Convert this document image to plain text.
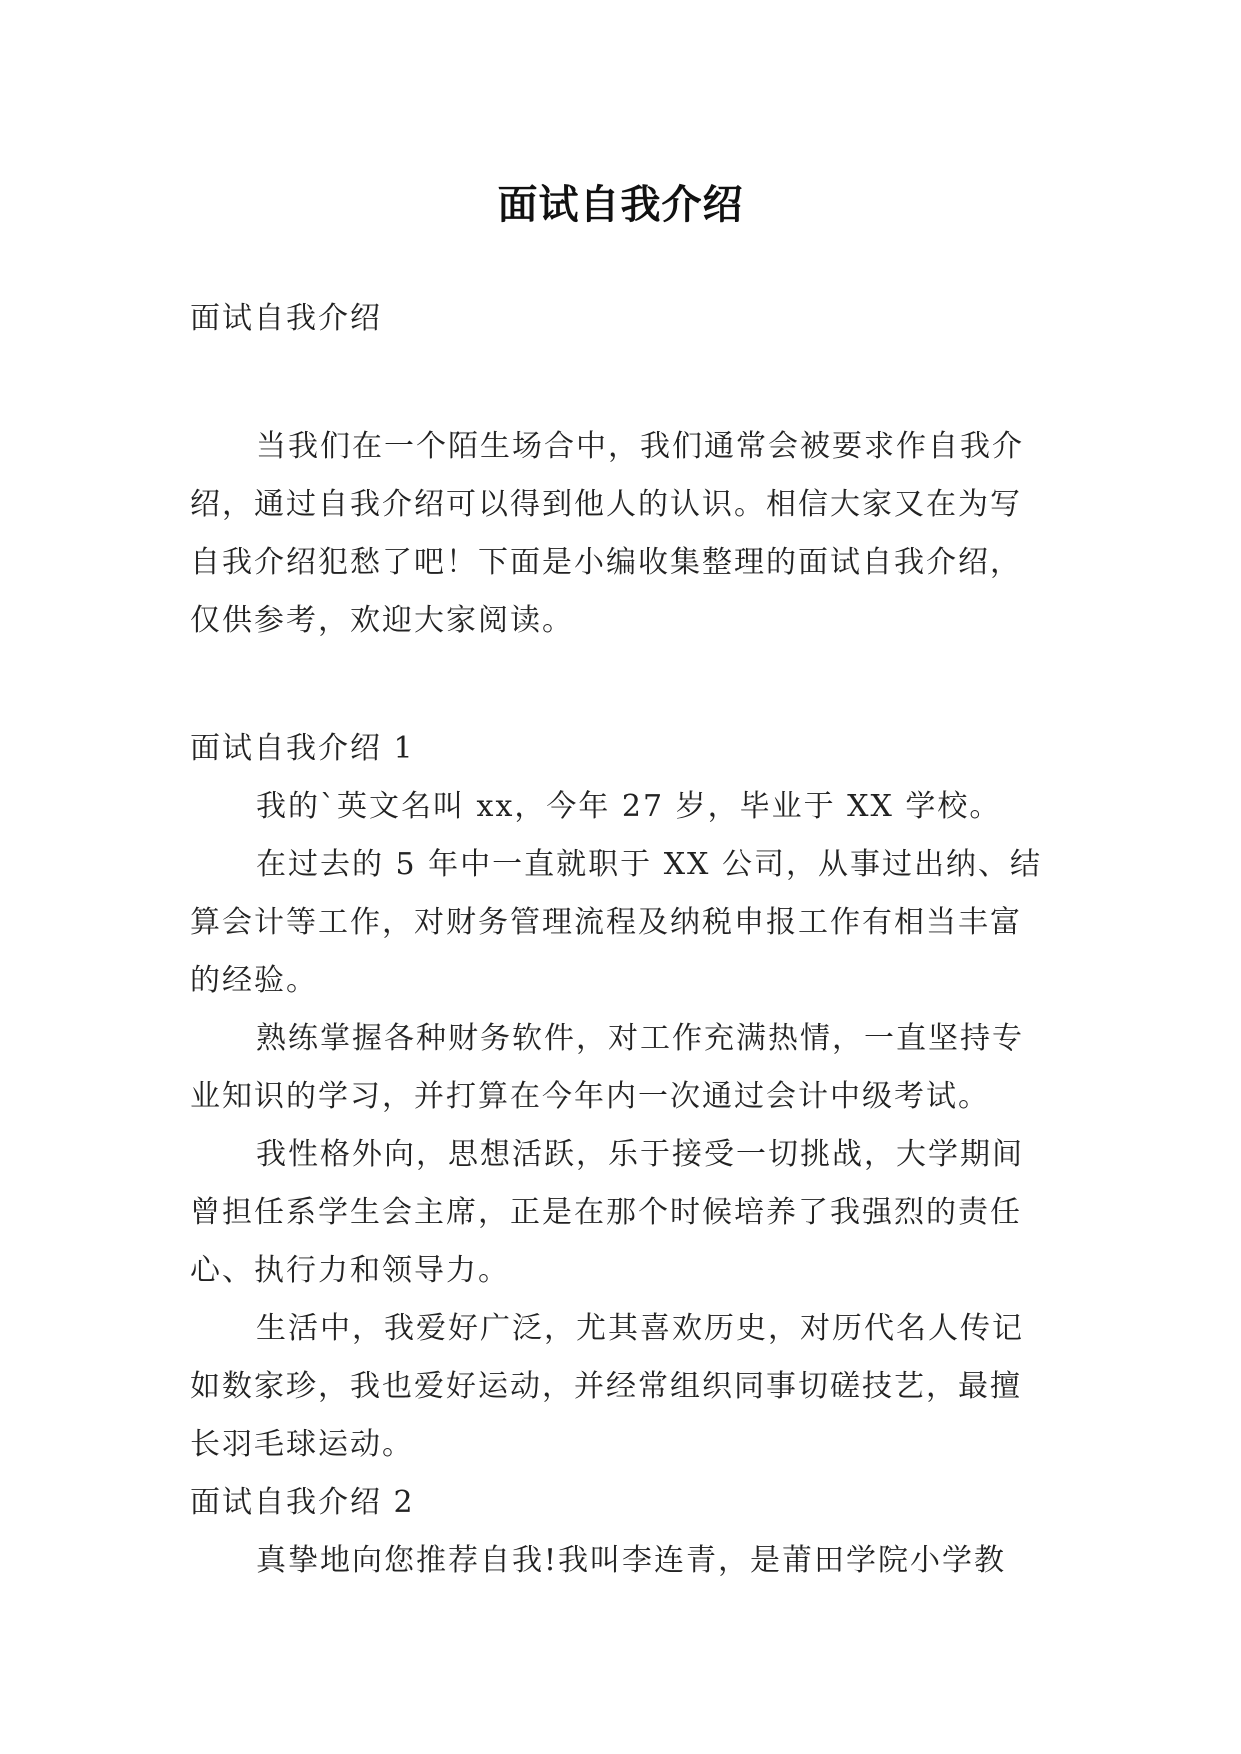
面试自我介绍

面试自我介绍

当我们在一个陌生场合中，我们通常会被要求作自我介绍，通过自我介绍可以得到他人的认识。相信大家又在为写自我介绍犯愁了吧！下面是小编收集整理的面试自我介绍，仅供参考，欢迎大家阅读。

面试自我介绍 1

我的`英文名叫 xx，今年 27 岁，毕业于 XX 学校。

在过去的 5 年中一直就职于 XX 公司，从事过出纳、结算会计等工作，对财务管理流程及纳税申报工作有相当丰富的经验。

熟练掌握各种财务软件，对工作充满热情，一直坚持专业知识的学习，并打算在今年内一次通过会计中级考试。

我性格外向，思想活跃，乐于接受一切挑战，大学期间曾担任系学生会主席，正是在那个时候培养了我强烈的责任心、执行力和领导力。

生活中，我爱好广泛，尤其喜欢历史，对历代名人传记如数家珍，我也爱好运动，并经常组织同事切磋技艺，最擅长羽毛球运动。

面试自我介绍 2

真挚地向您推荐自我!我叫李连青，是莆田学院小学教
